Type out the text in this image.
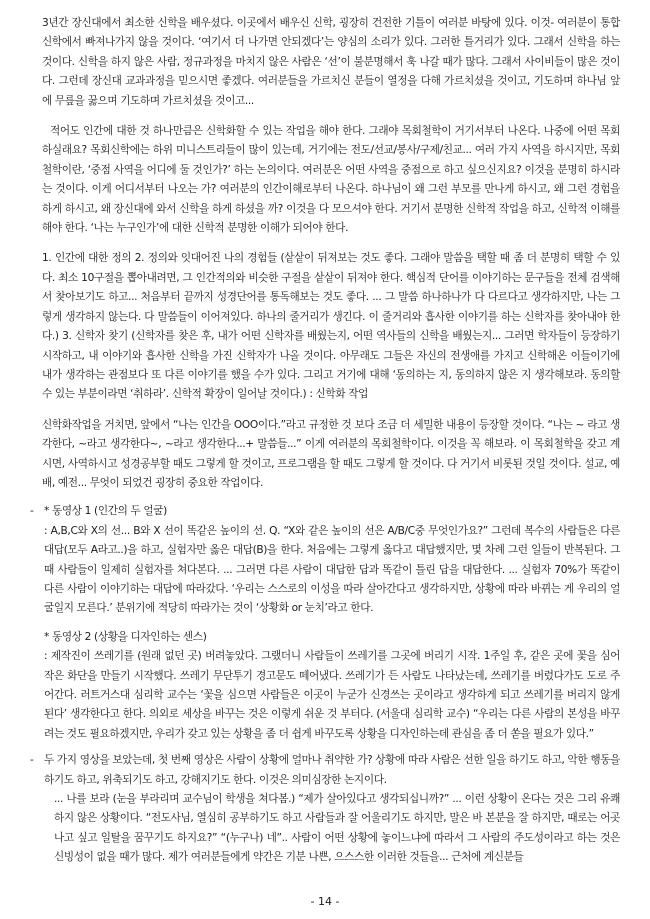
3년간 장신대에서 최소한 신학을 배우셨다. 이곳에서 배우신 신학, 굉장히 건전한 기틀이 여러분 바탕에 있다. 이것- 여러분이 통합신학에서 빠져나가지 않을 것이다. ‘여기서 더 나가면 안되겠다’는 양심의 소리가 있다. 그러한 틀거리가 있다. 그래서 신학을 하는 것이다. 신학을 하지 않은 사람, 정규과정을 마치지 않은 사람은 ‘선’이 불분명해서 훅 나갈 때가 많다. 그래서 사이비들이 많은 것이다. 그런데 장신대 교과과정을 믿으시면 좋겠다. 여러분들을 가르치신 분들이 열정을 다해 가르치셨을 것이고, 기도하며 하나님 앞에 무릎을 꿇으며 기도하며 가르치셨을 것이고...

적어도 인간에 대한 것 하나만큼은 신학화할 수 있는 작업을 해야 한다. 그래야 목회철학이 거기서부터 나온다. 나중에 어떤 목회 하실래요? 목회신학에는 하위 미니스트리들이 많이 있는데, 거기에는 전도/선교/봉사/구제/친교... 여러 가지 사역을 하시지만, 목회철학이란, ‘중점 사역을 어디에 둘 것인가?’ 하는 논의이다. 여러분은 어떤 사역을 중점으로 하고 싶으신지요? 이것을 분명히 하시라는 것이다. 이게 어디서부터 나오는 가? 여러분의 인간이해로부터 나온다. 하나님이 왜 그런 부모를 만나게 하시고, 왜 그런 경험을 하게 하시고, 왜 장신대에 와서 신학을 하게 하셨을 까? 이것을 다 모으셔야 한다. 거기서 분명한 신학적 작업을 하고, 신학적 이해를 해야 한다. ‘나는 누구인가’에 대한 신학적 분명한 이해가 되어야 한다.

1. 인간에 대한 정의 2. 정의와 잇대어진 나의 경험들 (샅샅이 뒤져보는 것도 좋다. 그래야 말씀을 택할 때 좀 더 분명히 택할 수 있다. 최소 10구절을 뽑아내려면, 그 인간적의와 비슷한 구절을 샅샅이 뒤져야 한다. 핵심적 단어를 이야기하는 문구들을 전체 검색해서 찾아보기도 하고... 처음부터 끝까지 성경단어를 통독해보는 것도 좋다. ... 그 말씀 하나하나가 다 다르다고 생각하지만, 나는 그렇게 생각하지 않는다. 다 말씀들이 이어져있다. 하나의 줄거리가 생긴다. 이 줄거리와 흡사한 이야기를 하는 신학자를 찾아내야 한다.) 3. 신학자 찾기 (신학자를 찾은 후, 내가 어떤 신학자를 배웠는지, 어떤 역사들의 신학을 배웠는지... 그러면 학자들이 등장하기 시작하고, 내 이야기와 흡사한 신학을 가진 신학자가 나올 것이다. 아무래도 그들은 자신의 전생애를 가지고 신학해온 이들이기에 내가 생각하는 관점보다 또 다른 이야기를 했을 수가 있다. 그리고 거기에 대해 ‘동의하는 지, 동의하지 않은 지 생각해보라. 동의할 수 있는 부분이라면 ‘취하라’. 신학적 확장이 일어날 것이다.) : 신학화 작업

신학화작업을 거치면, 앞에서 “나는 인간을 OOO이다.”라고 규정한 것 보다 조금 더 세밀한 내용이 등장할 것이다. “나는 ~ 라고 생각한다, ~라고 생각한다~, ~라고 생각한다...+ 말씀들...” 이게 여러분의 목회철학이다. 이것을 꼭 해보라. 이 목회철학을 갖고 계시면, 사역하시고 성경공부할 때도 그렇게 할 것이고, 프로그램을 할 때도 그렇게 할 것이다. 다 거기서 비롯된 것일 것이다. 설교, 예배, 예전... 무엇이 되었건 굉장히 중요한 작업이다.

- * 동영상 1 (인간의 두 얼굴)

: A,B,C와 X의 선... B와 X 선이 똑같은 높이의 선. Q. “X와 같은 높이의 선은 A/B/C중 무엇인가요?” 그런데 복수의 사람들은 다른 대답(모두 A라고..)을 하고, 실험자만 옳은 대답(B)을 한다. 처음에는 그렇게 옳다고 대답했지만, 몇 차례 그런 일들이 반복된다. 그때 사람들이 일제히 실험자를 쳐다본다. ... 그러면 다른 사람이 대답한 답과 똑같이 틀린 답을 대답한다. ... 실험자 70%가 똑같이 다른 사람이 이야기하는 대답에 따라갔다. ‘우리는 스스로의 이성을 따라 살아간다고 생각하지만, 상황에 따라 바뀌는 게 우리의 얼굴일지 모른다.’ 분위기에 적당히 따라가는 것이 ‘상황화 or 눈치’라고 한다.

* 동영상 2 (상황을 디자인하는 센스)

: 제작진이 쓰레기를 (원래 없던 곳) 버려놓았다. 그랬더니 사람들이 쓰레기를 그곳에 버리기 시작. 1주일 후, 같은 곳에 꽃을 심어 작은 화단을 만들기 시작했다. 쓰레기 무단투기 경고문도 떼어냈다. 쓰레기가 든 사람도 나타났는데, 쓰레기를 버렸다가도 도로 주어간다. 러트거스대 심리학 교수는 ‘꽃을 심으면 사람들은 이곳이 누군가 신경쓰는 곳이라고 생각하게 되고 쓰레기를 버리지 않게 된다’ 생각한다고 한다. 의외로 세상을 바꾸는 것은 이렇게 쉬운 것 부터다. (서울대 심리학 교수) “우리는 다른 사람의 본성을 바꾸려는 것도 필요하겠지만, 우리가 갖고 있는 상황을 좀 더 쉽게 바꾸도록 상황을 디자인하는데 관심을 좀 더 쏟을 필요가 있다.”

- 두 가지 영상을 보았는데, 첫 번째 영상은 사람이 상황에 얼마나 취약한 가? 상황에 따라 사람은 선한 일을 하기도 하고, 악한 행동을 하기도 하고, 위축되기도 하고, 강해지기도 한다. 이것은 의미심장한 논지이다.

... 나를 보라 (눈을 부라리며 교수님이 학생을 쳐다봄.) “제가 살아있다고 생각되십니까?” ... 이런 상황이 온다는 것은 그리 유쾌하지 않은 상황이다. “전도사님, 열심히 공부하기도 하고 사람들과 잘 어울리기도 하지만, 말은 바 본분을 잘 하지만, 때로는 어곳나고 싶고 일탈을 꿈꾸기도 하지요?” “(누구나) 네”.. 사람이 어떤 상황에 놓이느냐에 따라서 그 사람의 주도성이라고 하는 것은 신빙성이 없을 때가 많다. 제가 여러분들에게 약간은 기분 나쁜, 으스스한 이러한 것들을... 근처에 계신분들

- 14 -
